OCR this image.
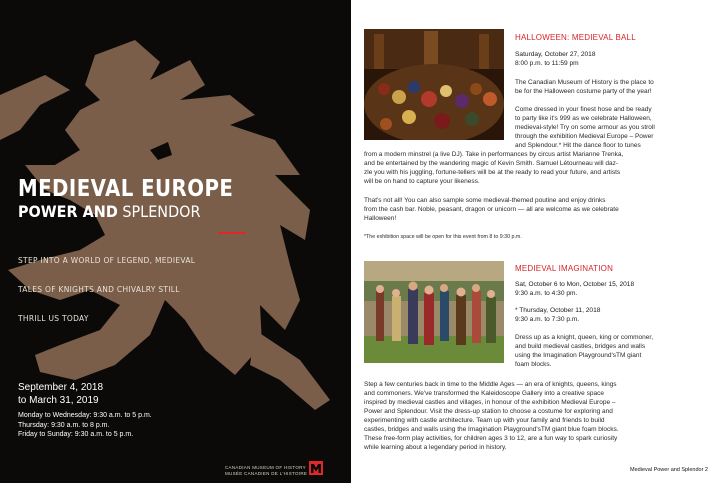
MEDIEVAL EUROPE
POWER AND SPLENDOR
STEP INTO A WORLD OF LEGEND, MEDIEVAL
TALES OF KNIGHTS AND CHIVALRY STILL
THRILL US TODAY
September 4, 2018
to March 31, 2019
Monday to Wednesday: 9:30 a.m. to 5 p.m.
Thursday: 9:30 a.m. to 8 p.m.
Friday to Sunday: 9:30 a.m. to 5 p.m.
CANADIAN MUSEUM OF HISTORY
MUSÉE CANADIEN DE L'HISTOIRE
HALLOWEEN: MEDIEVAL BALL
Saturday, October 27, 2018
8:00 p.m. to 11:59 pm
The Canadian Museum of History is the place to
be for the Halloween costume party of the year!
Come dressed in your finest hose and be ready
to party like it's 999 as we celebrate Halloween,
medieval-style! Try on some armour as you stroll
through the exhibition Medieval Europe – Power
and Splendour.* Hit the dance floor to tunes
from a modern minstrel (a live DJ). Take in performances by circus artist Marianne Trenka,
and be entertained by the wandering magic of Kevin Smith. Samuel Létourneau will daz-
zle you with his juggling, fortune-tellers will be at the ready to read your future, and artists
will be on hand to capture your likeness.
That's not all! You can also sample some medieval-themed poutine and enjoy drinks
from the cash bar. Noble, peasant, dragon or unicorn — all are welcome as we celebrate
Halloween!
*The exhibition space will be open for this event from 8 to 9:30 p.m.
MEDIEVAL IMAGINATION
Sat, October 6 to Mon, October 15, 2018
9:30 a.m. to 4:30 pm.
* Thursday, October 11, 2018
9:30 a.m. to 7:30 p.m.
Dress up as a knight, queen, king or commoner,
and build medieval castles, bridges and walls
using the Imagination Playground'sTM giant
foam blocks.
Step a few centuries back in time to the Middle Ages — an era of knights, queens, kings
and commoners. We've transformed the Kaleidoscope Gallery into a creative space
inspired by medieval castles and villages, in honour of the exhibition Medieval Europe –
Power and Splendour. Visit the dress-up station to choose a costume for exploring and
experimenting with castle architecture. Team up with your family and friends to build
castles, bridges and walls using the Imagination Playground'sTM giant blue foam blocks.
These free-form play activities, for children ages 3 to 12, are a fun way to spark curiosity
while learning about a legendary period in history.
Medieval Power and Splendor 2
